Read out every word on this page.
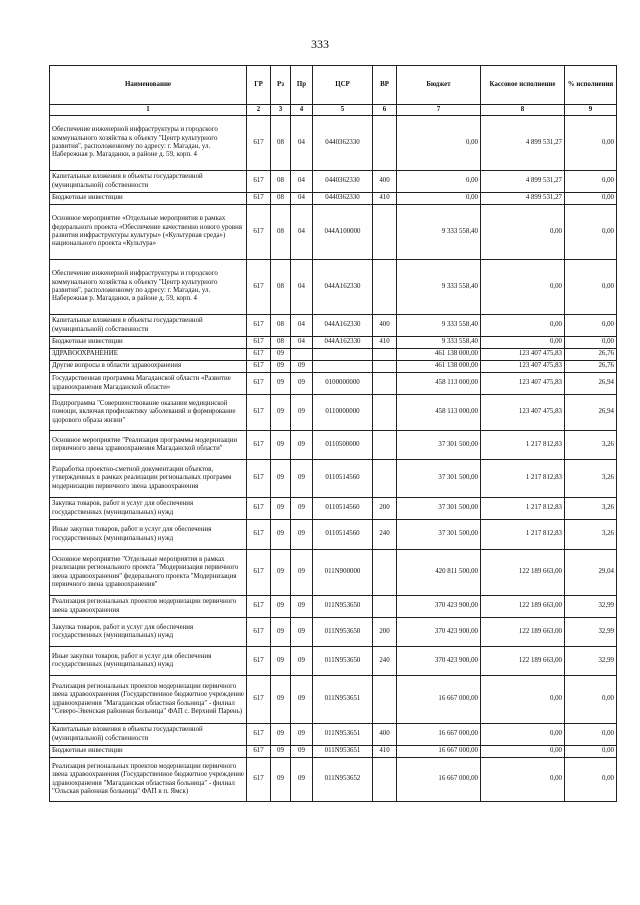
333
Наименование	ГР	Рз	Пр	ЦСР	ВР	Бюджет	Кассовое исполнение	% исполнения
1	2	3	4	5	6	7	8	9
Обеспечение инженерной инфраструктуры и городского коммунального хозяйства к объекту "Центр культурного развития", расположенному по адресу: г. Магадан, ул. Набережная р. Магаданки, в районе д. 59, корп. 4	617	08	04	0440362330		0,00	4 899 531,27	0,00
Капитальные вложения в объекты государственной (муниципальной) собственности	617	08	04	0440362330	400	0,00	4 899 531,27	0,00
Бюджетные инвестиции	617	08	04	0440362330	410	0,00	4 899 531,27	0,00
Основное мероприятие «Отдельные мероприятия в рамках федерального проекта «Обеспечение качественно нового уровня развития инфраструктуры культуры» («Культурная среда») национального проекта «Культура»	617	08	04	044А100000		9 333 558,40	0,00	0,00
Обеспечение инженерной инфраструктуры и городского коммунального хозяйства к объекту "Центр культурного развития", расположенному по адресу: г. Магадан, ул. Набережная р. Магаданки, в районе д. 59, корп. 4	617	08	04	044А162330		9 333 558,40	0,00	0,00
Капитальные вложения в объекты государственной (муниципальной) собственности	617	08	04	044А162330	400	9 333 558,40	0,00	0,00
Бюджетные инвестиции	617	08	04	044А162330	410	9 333 558,40	0,00	0,00
ЗДРАВООХРАНЕНИЕ	617	09				461 138 000,00	123 407 475,83	26,76
Другие вопросы в области здравоохранения	617	09	09			461 138 000,00	123 407 475,83	26,76
Государственная программа Магаданской области «Развитие здравоохранения Магаданской области»	617	09	09	0100000000		458 113 000,00	123 407 475,83	26,94
Подпрограмма "Совершенствование оказания медицинской помощи, включая профилактику заболеваний и формирование здорового образа жизни"	617	09	09	0110000000		458 113 000,00	123 407 475,83	26,94
Основное мероприятие "Реализация программы модернизации первичного звена здравоохранения Магаданской области"	617	09	09	0110500000		37 301 500,00	1 217 812,83	3,26
Разработка проектно-сметной документации объектов, утвержденных в рамках реализации региональных программ модернизации первичного звена здравоохранения	617	09	09	0110514560		37 301 500,00	1 217 812,83	3,26
Закупка товаров, работ и услуг для обеспечения государственных (муниципальных) нужд	617	09	09	0110514560	200	37 301 500,00	1 217 812,83	3,26
Иные закупки товаров, работ и услуг для обеспечения государственных (муниципальных) нужд	617	09	09	0110514560	240	37 301 500,00	1 217 812,83	3,26
Основное мероприятие "Отдельные мероприятия в рамках реализации регионального проекта "Модернизация первичного звена здравоохранения" федерального проекта "Модернизация первичного звена здравоохранения"	617	09	09	011N900000		420 811 500,00	122 189 663,00	29,04
Реализация региональных проектов модернизации первичного звена здравоохранения	617	09	09	011N953650		370 423 900,00	122 189 663,00	32,99
Закупка товаров, работ и услуг для обеспечения государственных (муниципальных) нужд	617	09	09	011N953650	200	370 423 900,00	122 189 663,00	32,99
Иные закупки товаров, работ и услуг для обеспечения государственных (муниципальных) нужд	617	09	09	011N953650	240	370 423 900,00	122 189 663,00	32,99
Реализация региональных проектов модернизации первичного звена здравоохранения (Государственное бюджетное учреждение здравоохранения "Магаданская областная больница" - филиал "Северо-Эвенская районная больница" ФАП с. Верхний Парень)	617	09	09	011N953651		16 667 000,00	0,00	0,00
Капитальные вложения в объекты государственной (муниципальной) собственности	617	09	09	011N953651	400	16 667 000,00	0,00	0,00
Бюджетные инвестиции	617	09	09	011N953651	410	16 667 000,00	0,00	0,00
Реализация региональных проектов модернизации первичного звена здравоохранения (Государственное бюджетное учреждение здравоохранения "Магаданская областная больница" - филиал "Ольская районная больница" ФАП в п. Ямск)	617	09	09	011N953652		16 667 000,00	0,00	0,00
